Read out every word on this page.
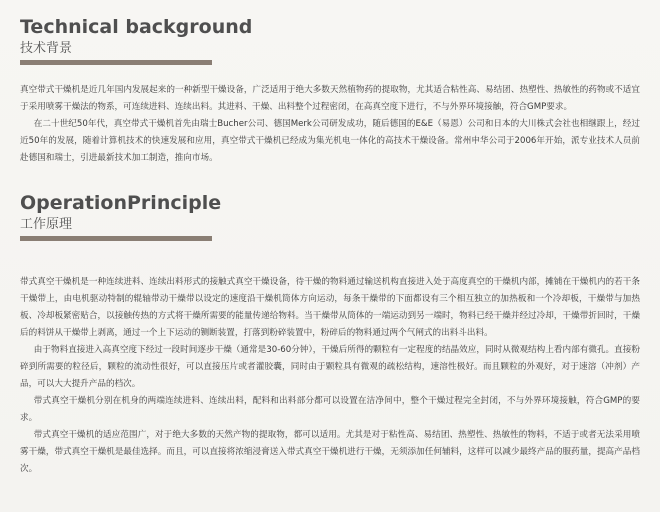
Technical background
技术背景

真空带式干燥机是近几年国内发展起来的一种新型干燥设备，广泛适用于绝大多数天然植物药的提取物，尤其适合粘性高、易结团、热塑性、热敏性的药物或不适宜于采用喷雾干燥法的物系，可连续进料、连续出料。其进料、干燥、出料整个过程密闭，在高真空度下进行，不与外界环境接触，符合GMP要求。

在二十世纪50年代，真空带式干燥机首先由瑞士Bucher公司、德国Merk公司研发成功，随后德国的E&E（易恩）公司和日本的大川株式会社也相继跟上，经过近50年的发展，随着计算机技术的快速发展和应用，真空带式干燥机已经成为集光机电一体化的高技术干燥设备。常州申华公司于2006年开始，派专业技术人员前赴德国和瑞士，引进最新技术加工制造，推向市场。

OperationPrinciple
工作原理

带式真空干燥机是一种连续进料、连续出料形式的接触式真空干燥设备，待干燥的物料通过输送机构直接进入处于高度真空的干燥机内部，摊铺在干燥机内的若干条干燥带上，由电机驱动特制的辊轴带动干燥带以设定的速度沿干燥机筒体方向运动，每条干燥带的下面都设有三个相互独立的加热板和一个冷却板，干燥带与加热板、冷却板紧密贴合，以接触传热的方式将干燥所需要的能量传递给物料。当干燥带从筒体的一端运动到另一端时，物料已经干燥并经过冷却，干燥带折回时，干燥后的料饼从干燥带上剥离，通过一个上下运动的铡断装置，打落到粉碎装置中，粉碎后的物料通过两个气闸式的出料斗出料。

由于物料直接进入高真空度下经过一段时间逐步干燥（通常是30-60分钟），干燥后所得的颗粒有一定程度的结晶效应，同时从微观结构上看内部有微孔。直接粉碎到所需要的粒径后，颗粒的流动性很好，可以直接压片或者灌胶囊，同时由于颗粒具有微观的疏松结构，速溶性极好。而且颗粒的外观好，对于速溶（冲剂）产品，可以大大提升产品的档次。

带式真空干燥机分别在机身的两端连续进料、连续出料，配料和出料部分都可以设置在洁净间中，整个干燥过程完全封闭，不与外界环境接触，符合GMP的要求。

带式真空干燥机的适应范围广，对于绝大多数的天然产物的提取物，都可以适用。尤其是对于粘性高、易结团、热塑性、热敏性的物料，不适于或者无法采用喷雾干燥，带式真空干燥机是最佳选择。而且，可以直接将浓缩浸膏送入带式真空干燥机进行干燥，无须添加任何辅料，这样可以减少最终产品的服药量，提高产品档次。
